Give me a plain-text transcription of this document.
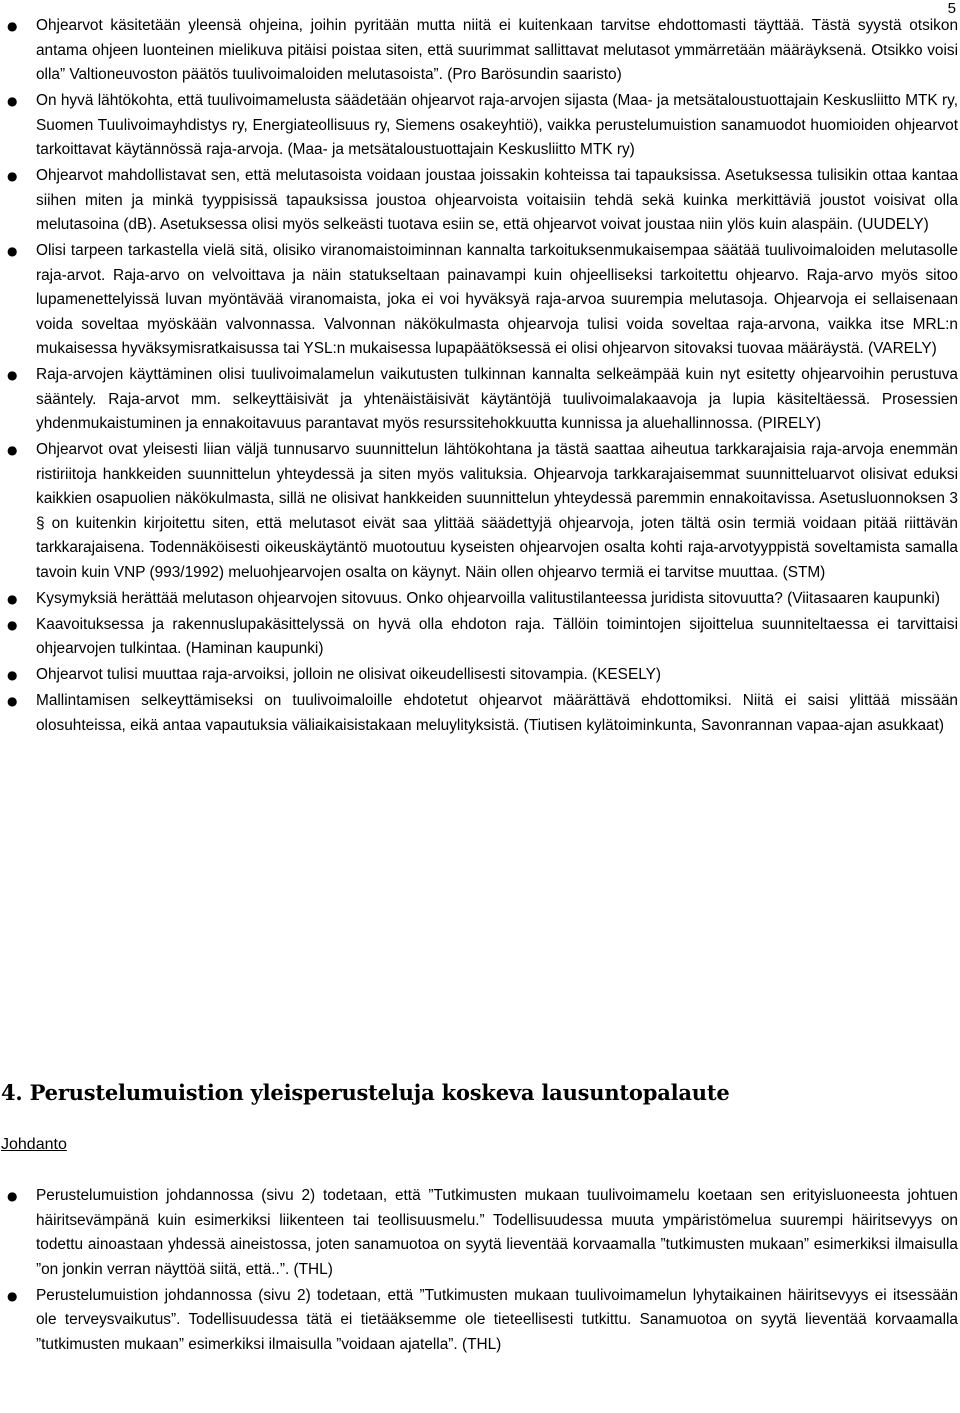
5
● Ohjearvot käsitetään yleensä ohjeina, joihin pyritään mutta niitä ei kuitenkaan tarvitse ehdottomasti täyttää. Tästä syystä otsikon antama ohjeen luonteinen mielikuva pitäisi poistaa siten, että suurimmat sallittavat melutasot ymmärretään määräyksenä. Otsikko voisi olla” Valtioneuvoston päätös tuulivoimaloiden melutasoista”. (Pro Barösundin saaristo)
● On hyvä lähtökohta, että tuulivoimamelusta säädetään ohjearvot raja-arvojen sijasta (Maa- ja metsätaloustuottajain Keskusliitto MTK ry, Suomen Tuulivoimayhdistys ry, Energiateollisuus ry, Siemens osakeyhtiö), vaikka perustelumuistion sanamuodot huomioiden ohjearvot tarkoittavat käytännössä raja-arvoja. (Maa- ja metsätaloustuottajain Keskusliitto MTK ry)
● Ohjearvot mahdollistavat sen, että melutasoista voidaan joustaa joissakin kohteissa tai tapauksissa. Asetuksessa tulisikin ottaa kantaa siihen miten ja minkä tyyppisissä tapauksissa joustoa ohjearvoista voitaisiin tehdä sekä kuinka merkittäviä joustot voisivat olla melutasoina (dB). Asetuksessa olisi myös selkeästi tuotava esiin se, että ohjearvot voivat joustaa niin ylös kuin alaspäin. (UUDELY)
● Olisi tarpeen tarkastella vielä sitä, olisiko viranomaistoiminnan kannalta tarkoituksenmukaisempaa säätää tuulivoimaloiden melutasolle raja-arvot. Raja-arvo on velvoittava ja näin statukseltaan painavampi kuin ohjeelliseksi tarkoitettu ohjearvo. Raja-arvo myös sitoo lupamenettelyissä luvan myöntävää viranomaista, joka ei voi hyväksyä raja-arvoa suurempia melutasoja. Ohjearvoja ei sellaisenaan voida soveltaa myöskään valvonnassa. Valvonnan näkökulmasta ohjearvoja tulisi voida soveltaa raja-arvona, vaikka itse MRL:n mukaisessa hyväksymisratkaisussa tai YSL:n mukaisessa lupapäätöksessä ei olisi ohjearvon sitovaksi tuovaa määräystä. (VARELY)
● Raja-arvojen käyttäminen olisi tuulivoimalamelun vaikutusten tulkinnan kannalta selkeämpää kuin nyt esitetty ohjearvoihin perustuva sääntely. Raja-arvot mm. selkeyttäisivät ja yhtenäistäisivät käytäntöjä tuulivoimalakaavoja ja lupia käsiteltäessä. Prosessien yhdenmukaistuminen ja ennakoitavuus parantavat myös resurssitehokkuutta kunnissa ja aluehallinnossa. (PIRELY)
● Ohjearvot ovat yleisesti liian väljä tunnusarvo suunnittelun lähtökohtana ja tästä saattaa aiheutua tarkkarajaisia raja-arvoja enemmän ristiriitoja hankkeiden suunnittelun yhteydessä ja siten myös valituksia. Ohjearvoja tarkkarajaisemmat suunnitteluarvot olisivat eduksi kaikkien osapuolien näkökulmasta, sillä ne olisivat hankkeiden suunnittelun yhteydessä paremmin ennakoitavissa. Asetusluonnoksen 3 § on kuitenkin kirjoitettu siten, että melutasot eivät saa ylittää säädettyjä ohjearvoja, joten tältä osin termiä voidaan pitää riittävän tarkkarajaisena. Todennäköisesti oikeuskäytäntö muotoutuu kyseisten ohjearvojen osalta kohti raja-arvotyyppistä soveltamista samalla tavoin kuin VNP (993/1992) meluohjearvojen osalta on käynyt. Näin ollen ohjearvo termiä ei tarvitse muuttaa. (STM)
● Kysymyksiä herättää melutason ohjearvojen sitovuus. Onko ohjearvoilla valitustilanteessa juridista sitovuutta? (Viitasaaren kaupunki)
● Kaavoituksessa ja rakennuslupakäsittelyssä on hyvä olla ehdoton raja. Tällöin toimintojen sijoittelua suunniteltaessa ei tarvittaisi ohjearvojen tulkintaa. (Haminan kaupunki)
● Ohjearvot tulisi muuttaa raja-arvoiksi, jolloin ne olisivat oikeudellisesti sitovampia. (KESELY)
● Mallintamisen selkeyttämiseksi on tuulivoimaloille ehdotetut ohjearvot määrättävä ehdottomiksi. Niitä ei saisi ylittää missään olosuhteissa, eikä antaa vapautuksia väliaikaisistakaan meluylityksistä. (Tiutisen kylätoiminkunta, Savonrannan vapaa-ajan asukkaat)
4. Perustelumuistion yleisperusteluja koskeva lausuntopalaute
Johdanto
● Perustelumuistion johdannossa (sivu 2) todetaan, että ”Tutkimusten mukaan tuulivoimamelu koetaan sen erityisluoneesta johtuen häiritsevämpänä kuin esimerkiksi liikenteen tai teollisuusmelu.” Todellisuudessa muuta ympäristömelua suurempi häiritsevyys on todettu ainoastaan yhdessä aineistossa, joten sanamuotoa on syytä lieventää korvaamalla ”tutkimusten mukaan” esimerkiksi ilmaisulla ”on jonkin verran näyttöä siitä, että..”. (THL)
● Perustelumuistion johdannossa (sivu 2) todetaan, että ”Tutkimusten mukaan tuulivoimamelun lyhytaikainen häiritsevyys ei itsessään ole terveysvaikutus”. Todellisuudessa tätä ei tietääksemme ole tieteellisesti tutkittu. Sanamuotoa on syytä lieventää korvaamalla ”tutkimusten mukaan” esimerkiksi ilmaisulla ”voidaan ajatella”. (THL)
